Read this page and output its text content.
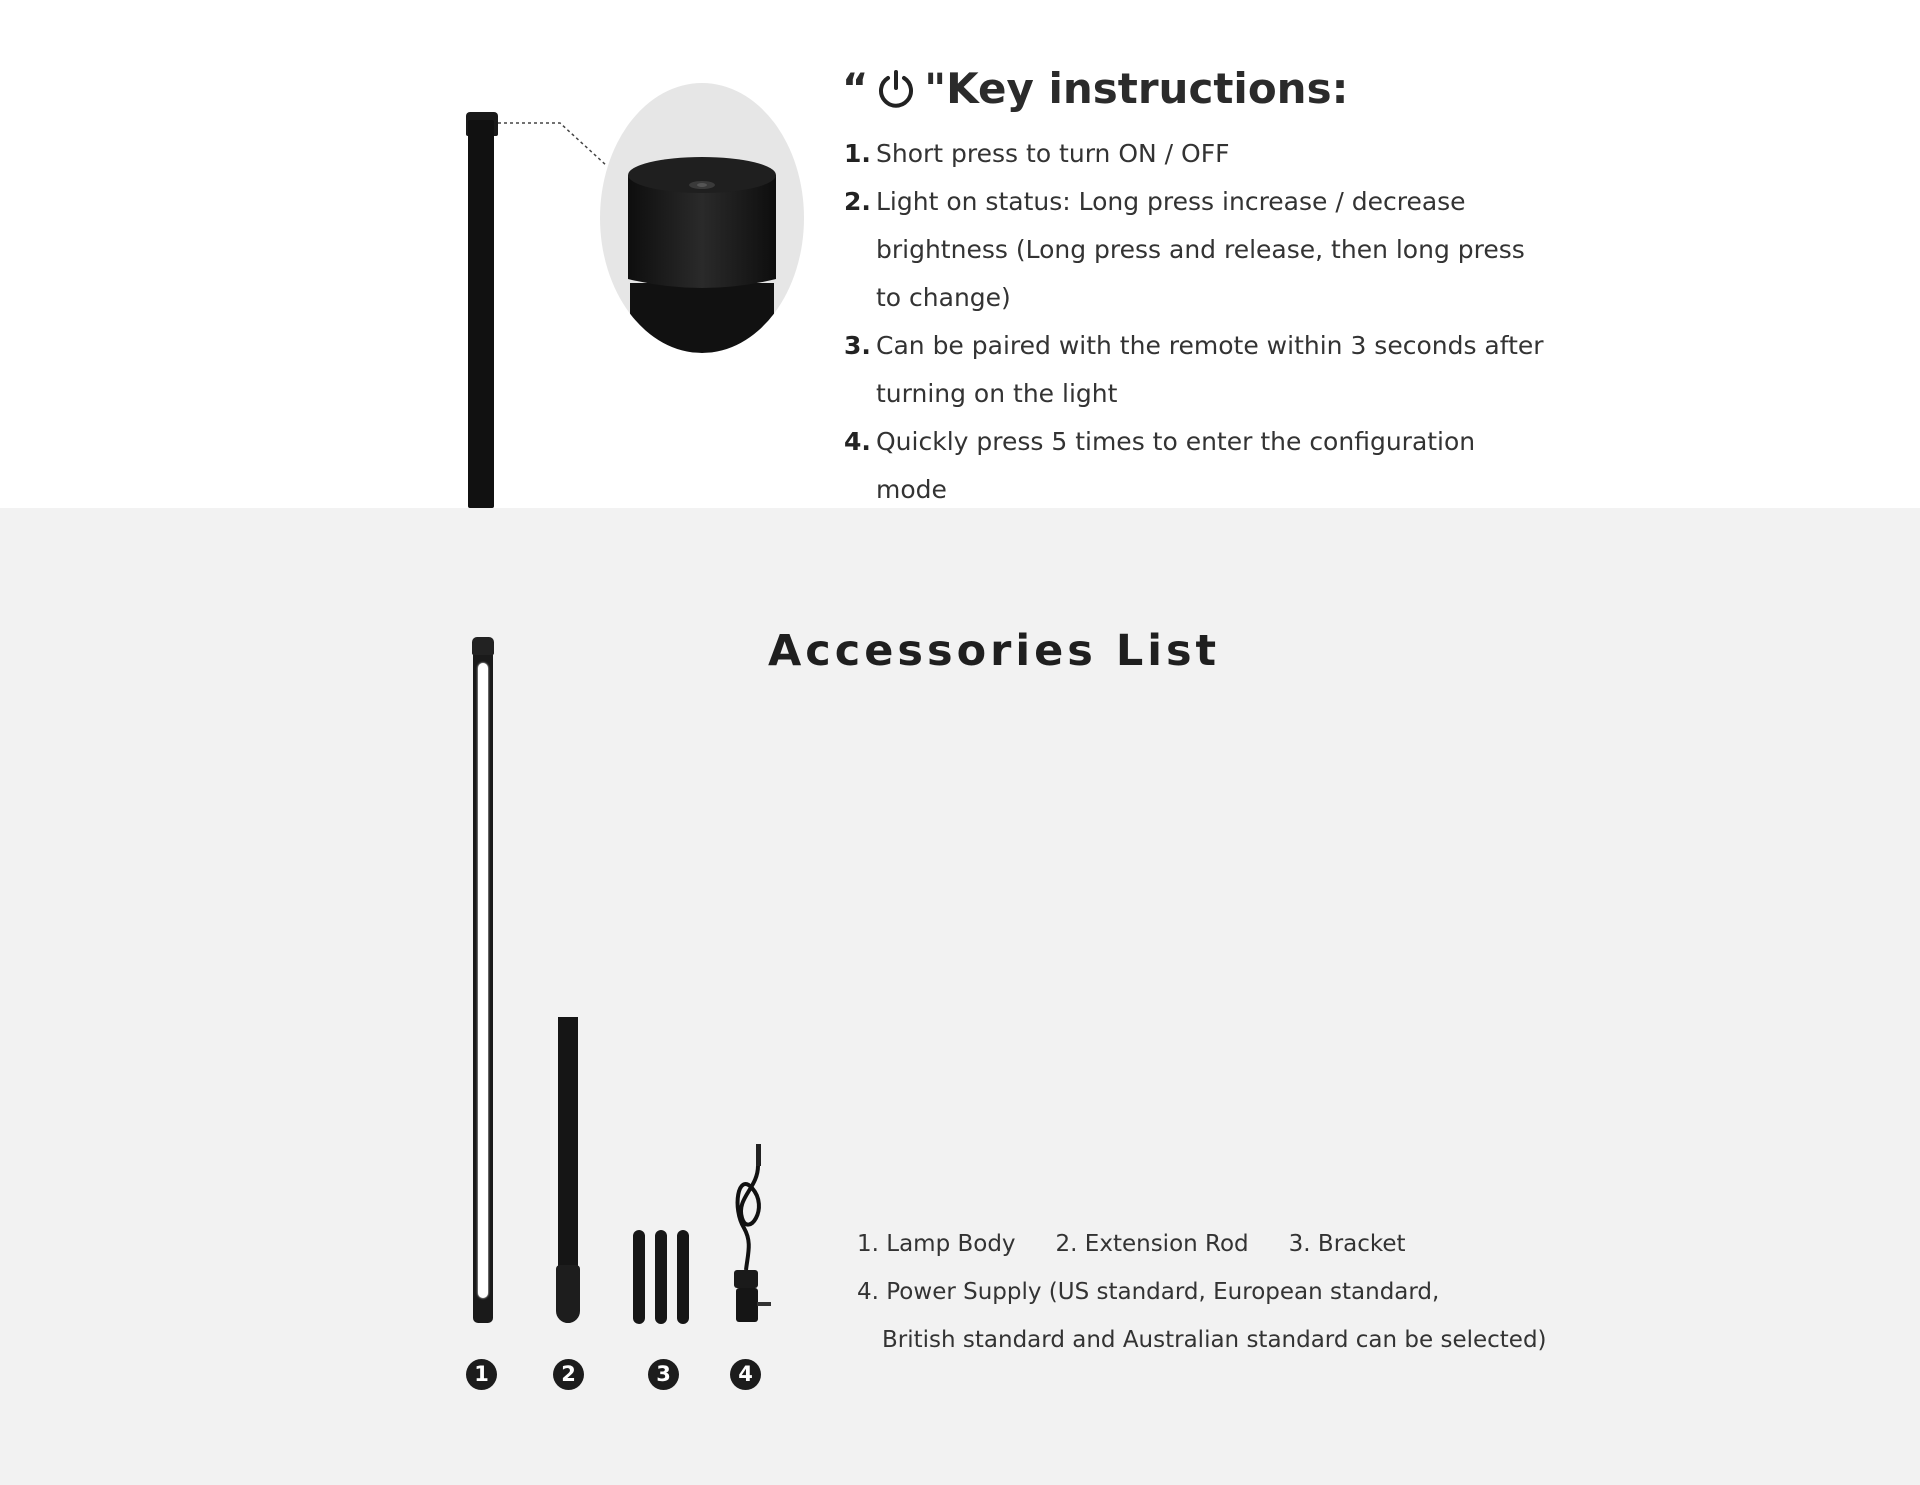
“ "Key instructions:
1. Short press to turn ON / OFF
2. Light on status: Long press increase / decrease brightness (Long press and release, then long press to change)
3. Can be paired with the remote within 3 seconds after turning on the light
4. Quickly press 5 times to enter the configuration mode
Accessories List
1	2	3	4
1. Lamp Body 2. Extension Rod 3. Bracket
4. Power Supply (US standard, European standard,
British standard and Australian standard can be selected)
